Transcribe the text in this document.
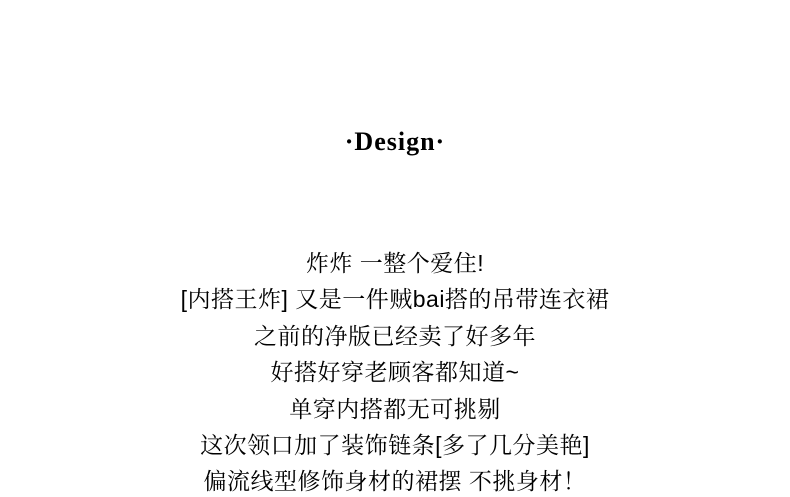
·Design·
炸炸 一整个爱住!
[内搭王炸] 又是一件贼bai搭的吊带连衣裙
之前的净版已经卖了好多年
好搭好穿老顾客都知道~
单穿内搭都无可挑剔
这次领口加了装饰链条[多了几分美艳]
偏流线型修饰身材的裙摆 不挑身材！
